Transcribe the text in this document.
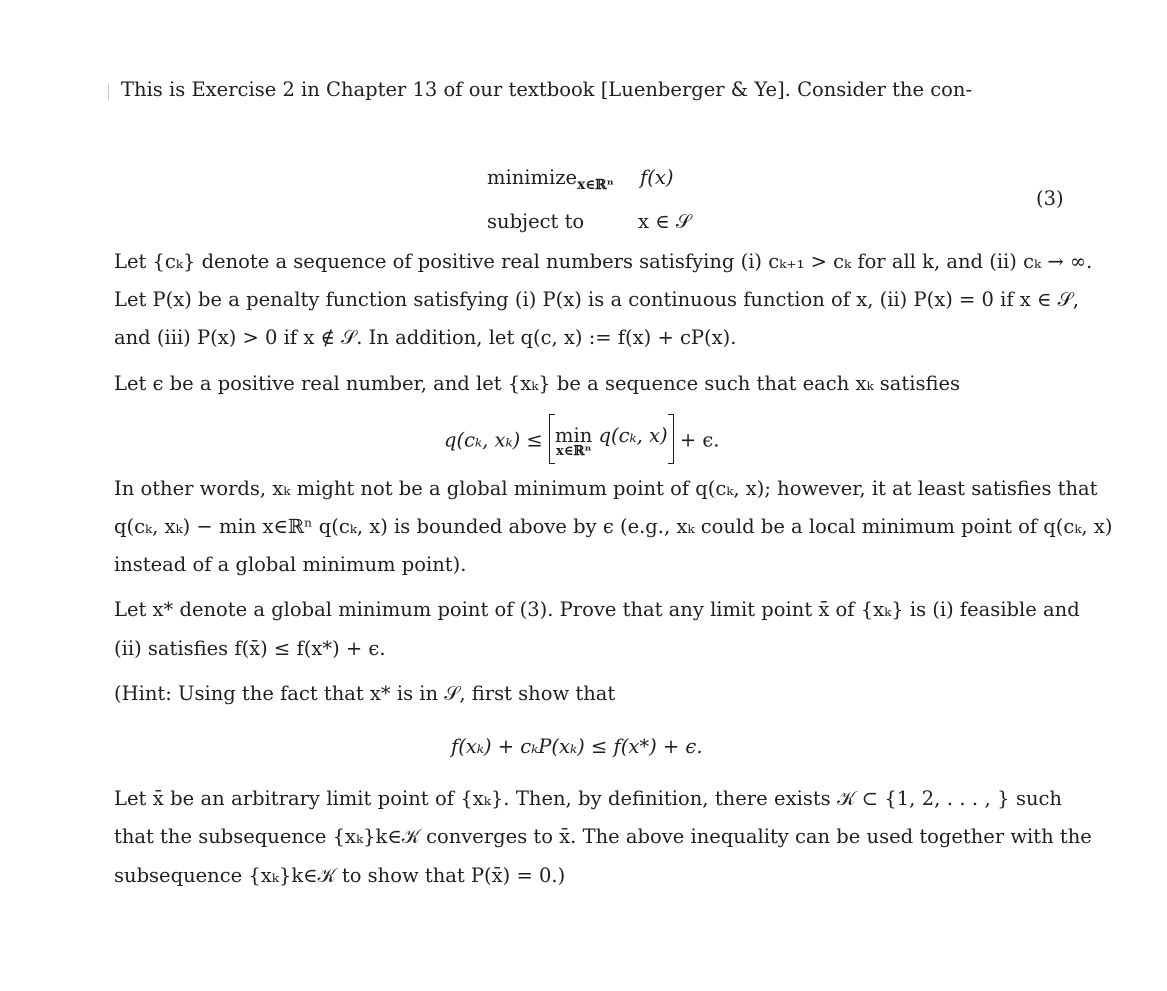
This is Exercise 2 in Chapter 13 of our textbook [Luenberger & Ye]. Consider the con-
minimize$_{x\in ℝ^n}$ f(x)
subject to	x ∈ 𝒮
(3)
Let {cₖ} denote a sequence of positive real numbers satisfying (i) cₖ₊₁ > cₖ for all k, and (ii) cₖ → ∞.
Let P(x) be a penalty function satisfying (i) P(x) is a continuous function of x, (ii) P(x) = 0 if x ∈ 𝒮,
and (iii) P(x) > 0 if x ∉ 𝒮. In addition, let q(c, x) := f(x) + cP(x).
Let ϵ be a positive real number, and let {xₖ} be a sequence such that each xₖ satisfies
q(cₖ, xₖ) ≤ min
x∈ℝⁿ
q(cₖ, x) + ϵ.
In other words, xₖ might not be a global minimum point of q(cₖ, x); however, it at least satisfies that
q(cₖ, xₖ) − min x∈ℝⁿ q(cₖ, x) is bounded above by ϵ (e.g., xₖ could be a local minimum point of q(cₖ, x)
instead of a global minimum point).
Let x* denote a global minimum point of (3). Prove that any limit point x̄ of {xₖ} is (i) feasible and
(ii) satisfies f(x̄) ≤ f(x*) + ϵ.
(Hint: Using the fact that x* is in 𝒮, first show that
f(xₖ) + cₖP(xₖ) ≤ f(x*) + ϵ.
Let x̄ be an arbitrary limit point of {xₖ}. Then, by definition, there exists 𝒦 ⊂ {1, 2, . . . , } such
that the subsequence {xₖ}k∈𝒦 converges to x̄. The above inequality can be used together with the
subsequence {xₖ}k∈𝒦 to show that P(x̄) = 0.)
